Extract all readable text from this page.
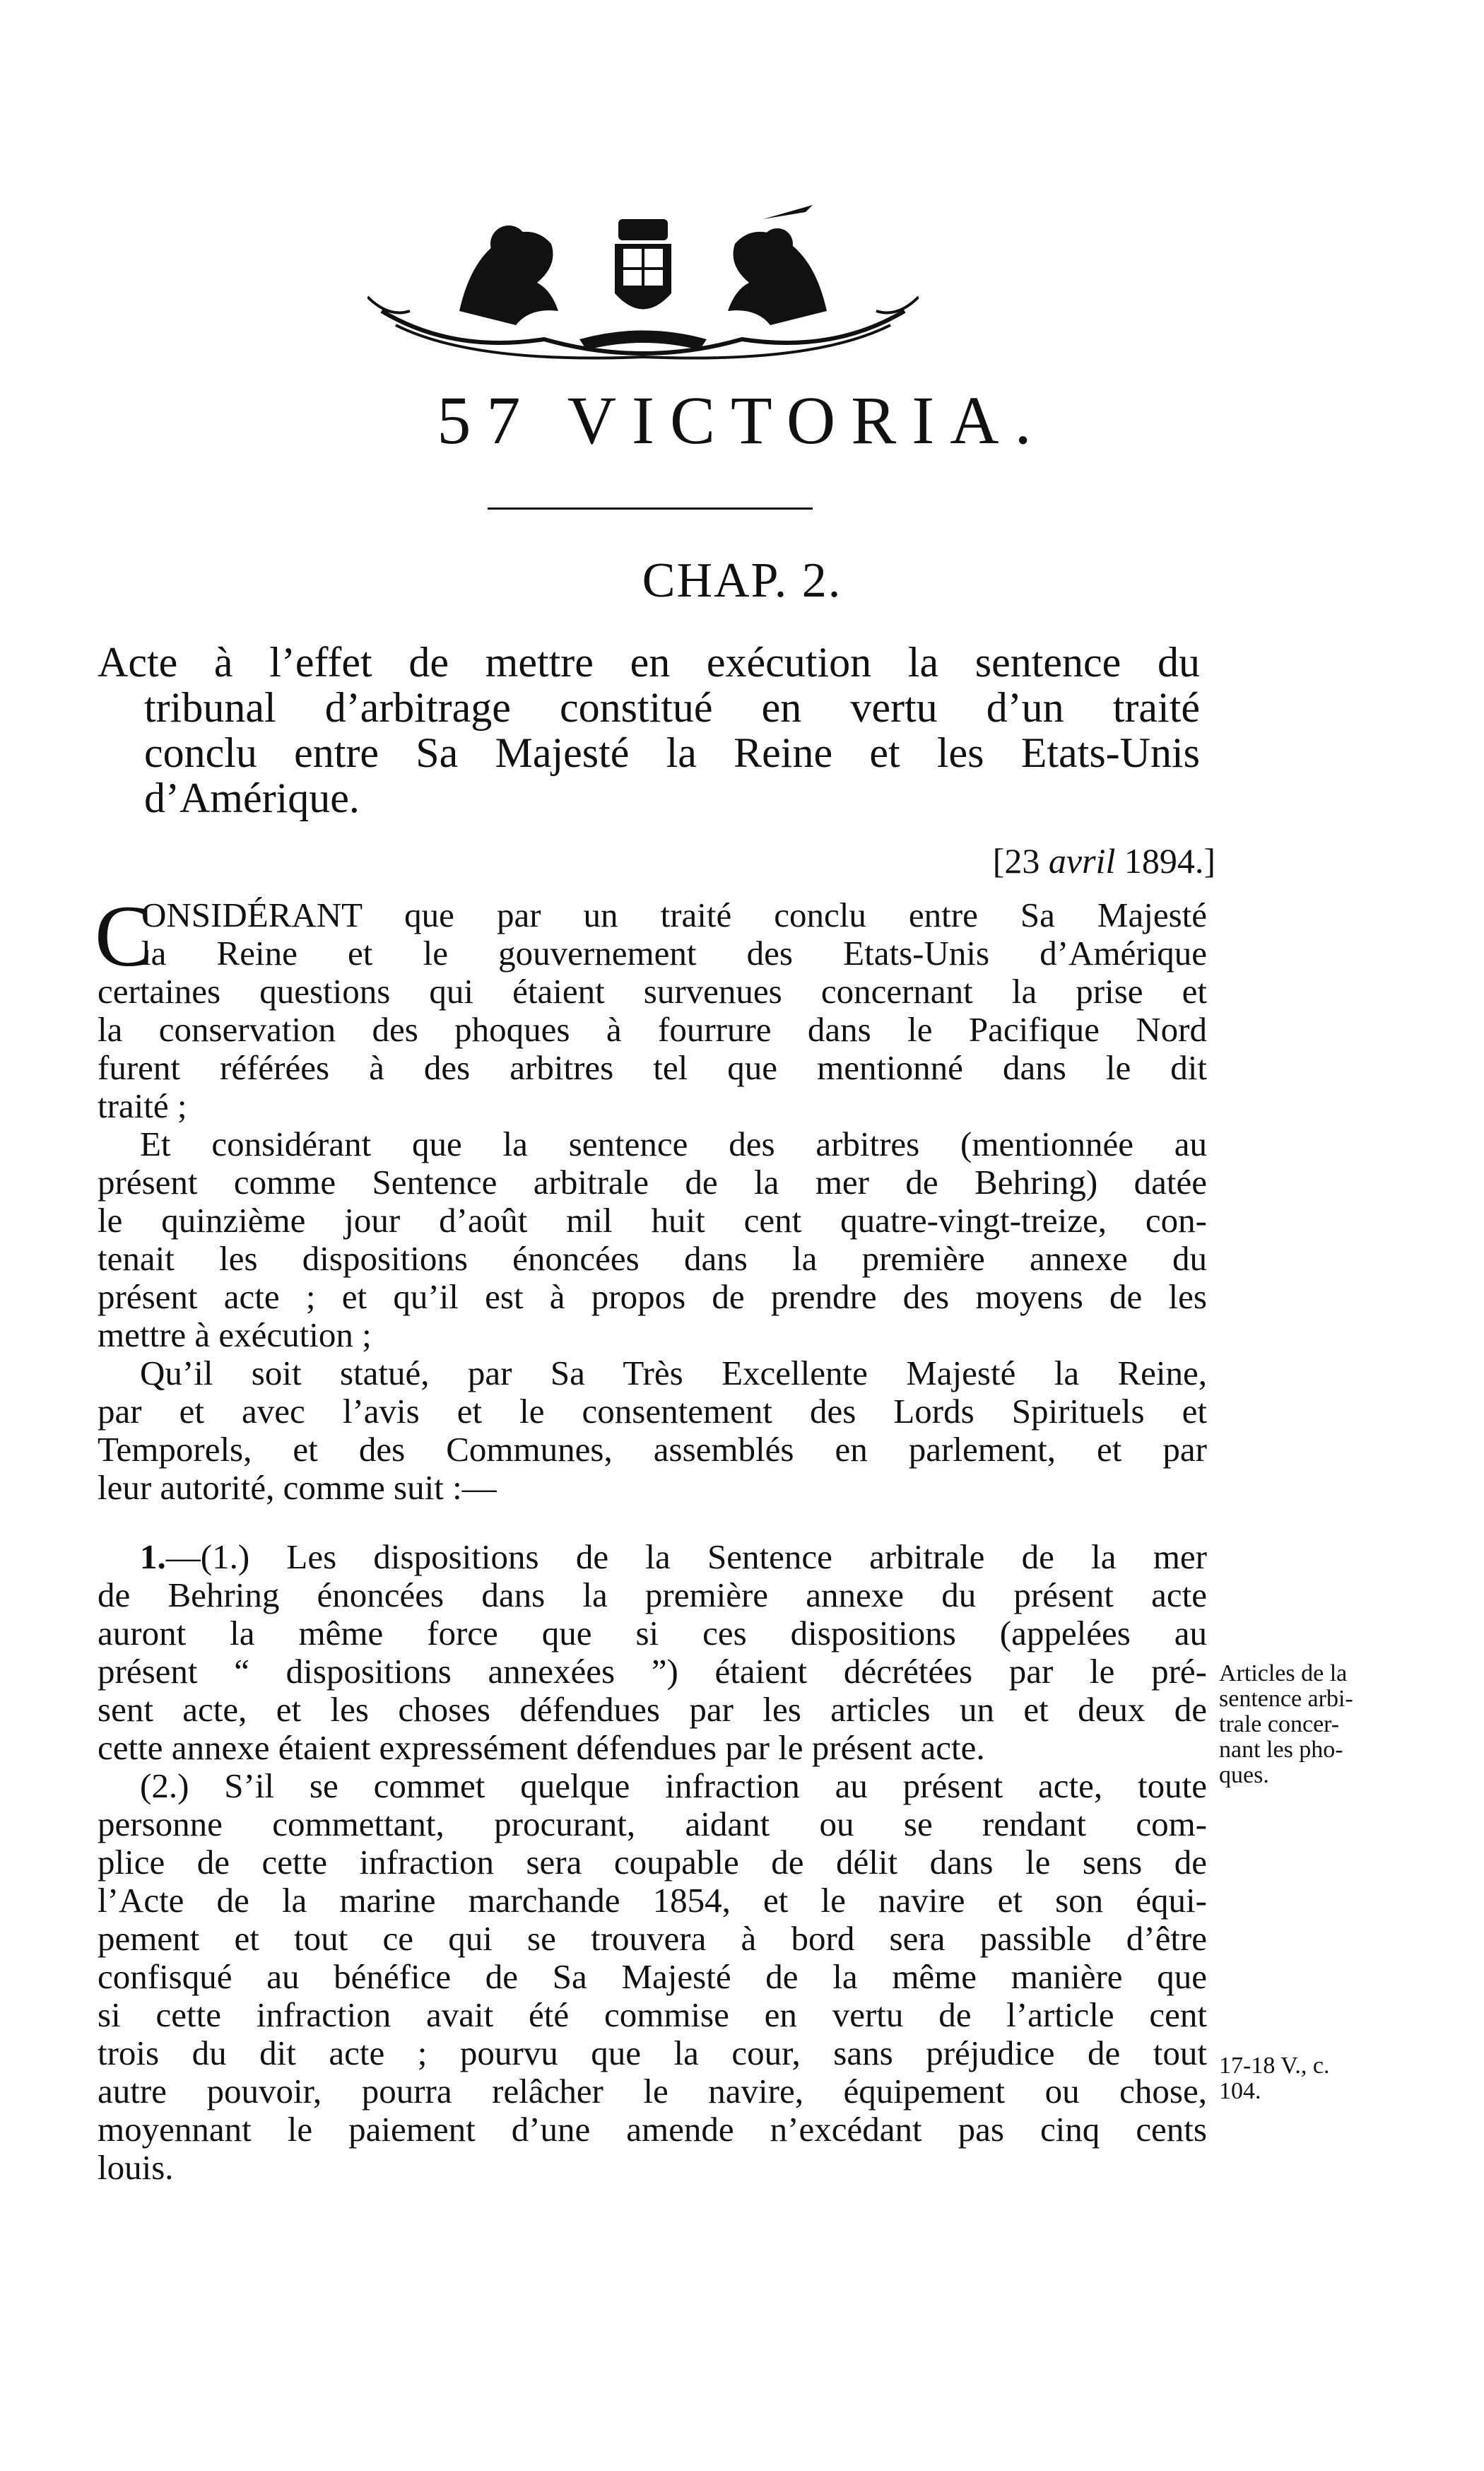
57 VICTORIA.
CHAP. 2.
Acte à l’effet de mettre en exécution la sentence du
tribunal d’arbitrage constitué en vertu d’un traité
conclu entre Sa Majesté la Reine et les Etats-Unis
d’Amérique.
[23 avril 1894.]
C
ONSIDÉRANT que par un traité conclu entre Sa Majesté
la Reine et le gouvernement des Etats-Unis d’Amérique
certaines questions qui étaient survenues concernant la prise et
la conservation des phoques à fourrure dans le Pacifique Nord
furent référées à des arbitres tel que mentionné dans le dit
traité ;
Et considérant que la sentence des arbitres (mentionnée au
présent comme Sentence arbitrale de la mer de Behring) datée
le quinzième jour d’août mil huit cent quatre-vingt-treize, con-
tenait les dispositions énoncées dans la première annexe du
présent acte ; et qu’il est à propos de prendre des moyens de les
mettre à exécution ;
Qu’il soit statué, par Sa Très Excellente Majesté la Reine,
par et avec l’avis et le consentement des Lords Spirituels et
Temporels, et des Communes, assemblés en parlement, et par
leur autorité, comme suit :—
1.—(1.) Les dispositions de la Sentence arbitrale de la mer
de Behring énoncées dans la première annexe du présent acte
auront la même force que si ces dispositions (appelées au
présent “ dispositions annexées ”) étaient décrétées par le pré-
sent acte, et les choses défendues par les articles un et deux de
cette annexe étaient expressément défendues par le présent acte.
(2.) S’il se commet quelque infraction au présent acte, toute
personne commettant, procurant, aidant ou se rendant com-
plice de cette infraction sera coupable de délit dans le sens de
l’Acte de la marine marchande 1854, et le navire et son équi-
pement et tout ce qui se trouvera à bord sera passible d’être
confisqué au bénéfice de Sa Majesté de la même manière que
si cette infraction avait été commise en vertu de l’article cent
trois du dit acte ; pourvu que la cour, sans préjudice de tout
autre pouvoir, pourra relâcher le navire, équipement ou chose,
moyennant le paiement d’une amende n’excédant pas cinq cents
louis.
Articles de la
sentence arbi-
trale concer-
nant les pho-
ques.
17-18 V., c.
104.
